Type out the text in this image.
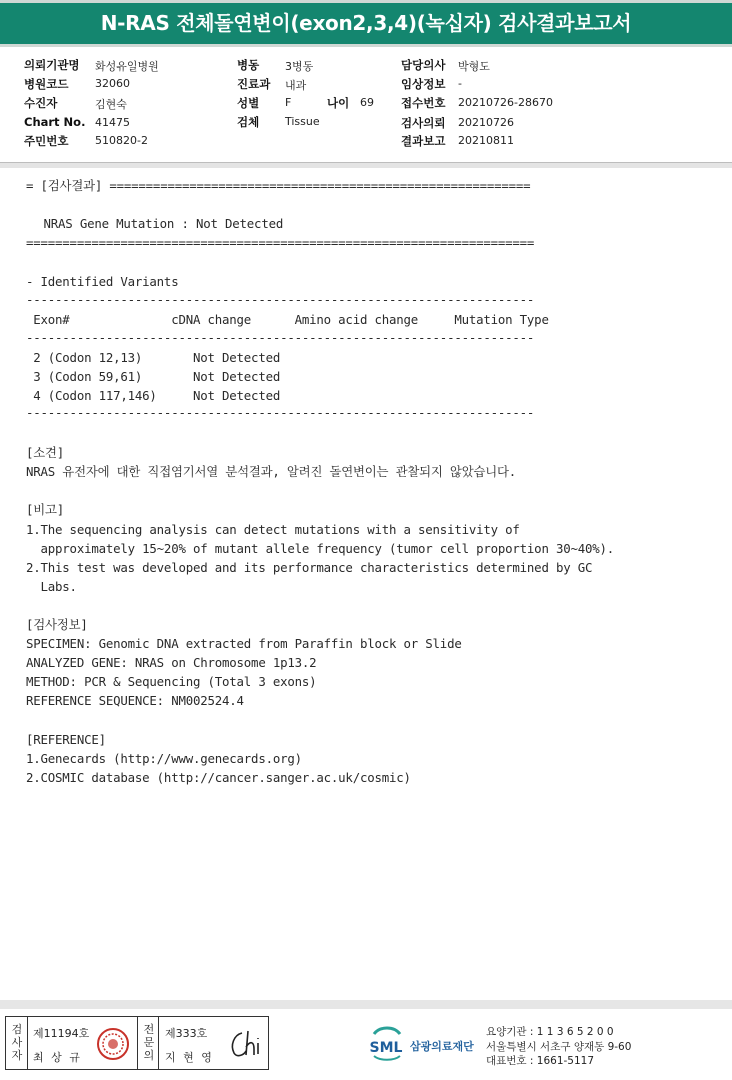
N-RAS 전체돌연변이(exon2,3,4)(녹십자) 검사결과보고서
의뢰기관명 화성유일병원
병원코드 32060
수진자	김현숙
Chart No. 41475
주민번호 510820-2
병동 3병동
진료과 내과
성별 F	나이 69
검체 Tissue
담당의사 박형도
임상정보 -
접수번호 20210726-28670
검사의뢰 20210726
결과보고 20210811
= [검사결과] ==========================================================
NRAS Gene Mutation : Not Detected
======================================================================
- Identified Variants
----------------------------------------------------------------------
Exon#              cDNA change      Amino acid change     Mutation Type
----------------------------------------------------------------------
2 (Codon 12,13)       Not Detected
3 (Codon 59,61)       Not Detected
4 (Codon 117,146)     Not Detected
----------------------------------------------------------------------
[소견]
NRAS 유전자에 대한 직접염기서열 분석결과, 알려진 돌연변이는 관찰되지 않았습니다.
[비고]
1.The sequencing analysis can detect mutations with a sensitivity of
approximately 15~20% of mutant allele frequency (tumor cell proportion 30~40%).
2.This test was developed and its performance characteristics determined by GC
Labs.
[검사정보]
SPECIMEN: Genomic DNA extracted from Paraffin block or Slide
ANALYZED GENE: NRAS on Chromosome 1p13.2
METHOD: PCR & Sequencing (Total 3 exons)
REFERENCE SEQUENCE: NM002524.4
[REFERENCE]
1.Genecards (http://www.genecards.org)
2.COSMIC database (http://cancer.sanger.ac.uk/cosmic)
검사자
제11194호
최 상 규
전문의
제333호
지 현 영
SML 삼광의료재단
요양기관 : 1 1 3 6 5 2 0 0
서울특별시 서초구 양재동 9-60
대표번호 : 1661-5117
